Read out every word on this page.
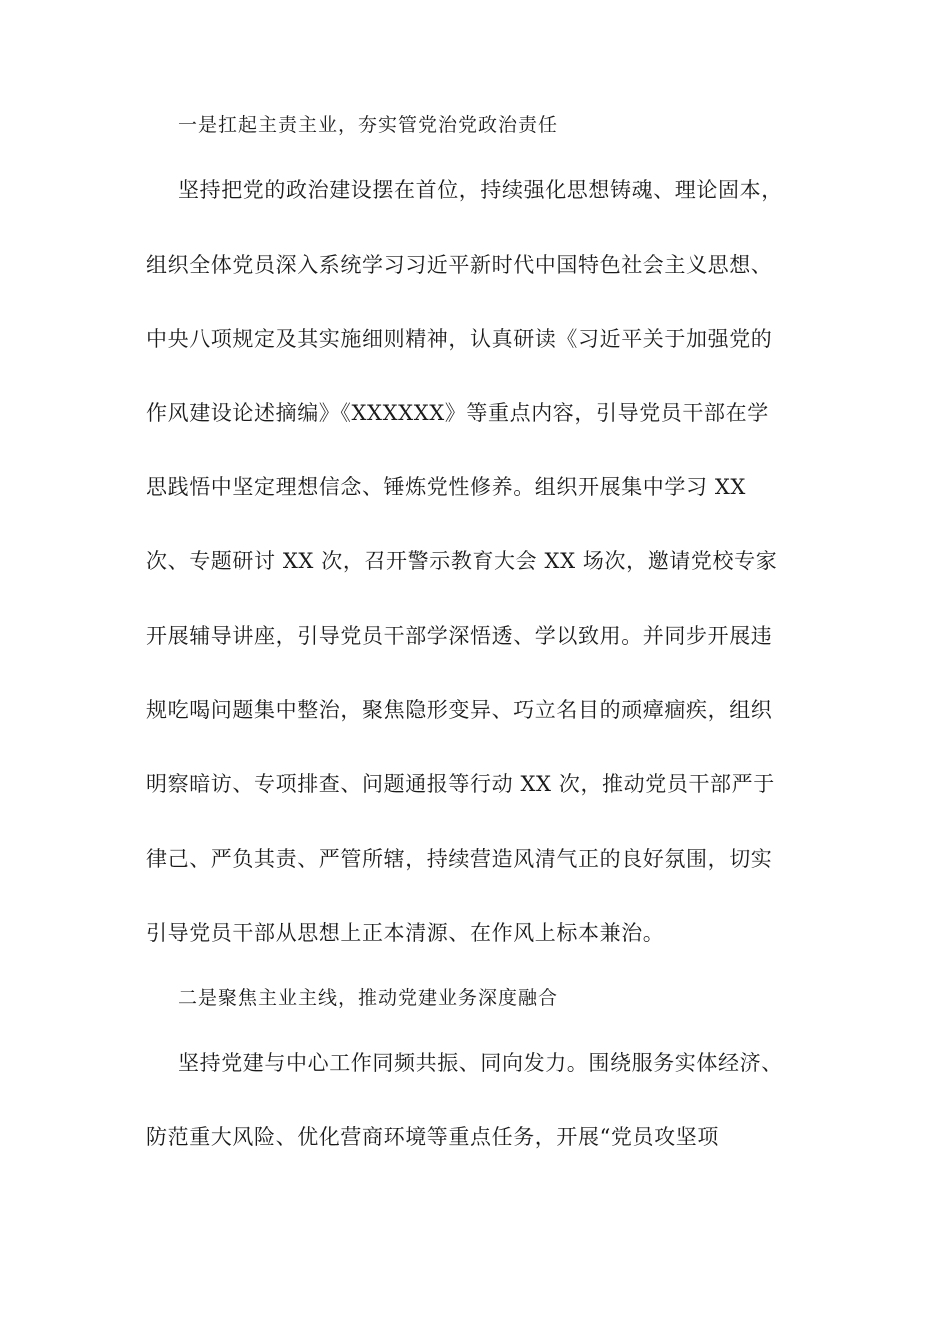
一是扛起主责主业，夯实管党治党政治责任
坚持把党的政治建设摆在首位，持续强化思想铸魂、理论固本，
组织全体党员深入系统学习习近平新时代中国特色社会主义思想、
中央八项规定及其实施细则精神，认真研读《习近平关于加强党的
作风建设论述摘编》《XXXXXX》等重点内容，引导党员干部在学
思践悟中坚定理想信念、锤炼党性修养。组织开展集中学习 XX
次、专题研讨 XX 次，召开警示教育大会 XX 场次，邀请党校专家
开展辅导讲座，引导党员干部学深悟透、学以致用。并同步开展违
规吃喝问题集中整治，聚焦隐形变异、巧立名目的顽瘴痼疾，组织
明察暗访、专项排查、问题通报等行动 XX 次，推动党员干部严于
律己、严负其责、严管所辖，持续营造风清气正的良好氛围，切实
引导党员干部从思想上正本清源、在作风上标本兼治。
二是聚焦主业主线，推动党建业务深度融合
坚持党建与中心工作同频共振、同向发力。围绕服务实体经济、
防范重大风险、优化营商环境等重点任务，开展“党员攻坚项
